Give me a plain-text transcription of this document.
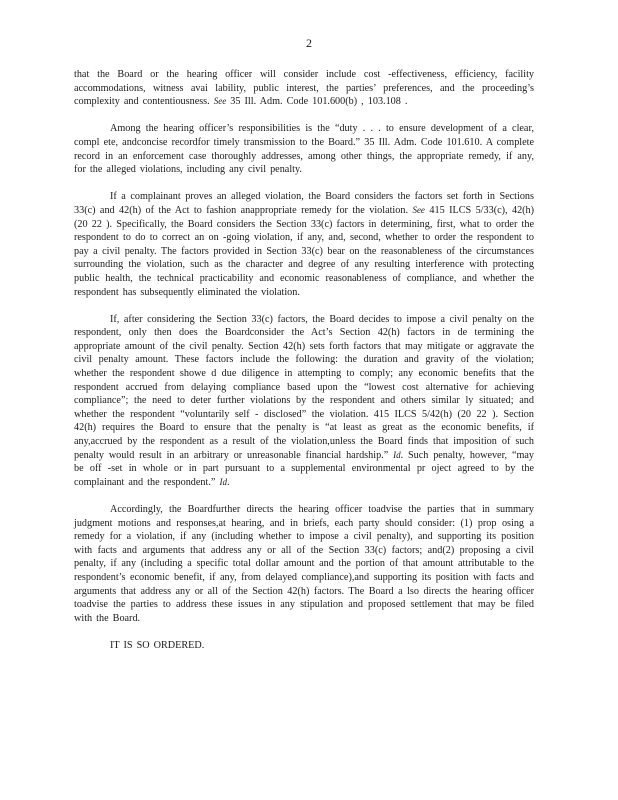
2

that the Board or the hearing officer will consider include cost -effectiveness, efficiency, facility accommodations, witness avai lability, public interest, the parties’ preferences, and the proceeding’s complexity and contentiousness. See 35 Ill. Adm. Code 101.600(b) , 103.108 .

Among the hearing officer’s responsibilities is the “duty . . . to ensure development of a clear, compl ete, andconcise recordfor timely transmission to the Board.” 35 Ill. Adm. Code 101.610. A complete record in an enforcement case thoroughly addresses, among other things, the appropriate remedy, if any, for the alleged violations, including any civil penalty.

If a complainant proves an alleged violation, the Board considers the factors set forth in Sections 33(c) and 42(h) of the Act to fashion anappropriate remedy for the violation. See 415 ILCS 5/33(c), 42(h) (20 22 ). Specifically, the Board considers the Section 33(c) factors in determining, first, what to order the respondent to do to correct an on -going violation, if any, and, second, whether to order the respondent to pay a civil penalty. The factors provided in Section 33(c) bear on the reasonableness of the circumstances surrounding the violation, such as the character and degree of any resulting interference with protecting public health, the technical practicability and economic reasonableness of compliance, and whether the respondent has subsequently eliminated the violation.

If, after considering the Section 33(c) factors, the Board decides to impose a civil penalty on the respondent, only then does the Boardconsider the Act’s Section 42(h) factors in de termining the appropriate amount of the civil penalty. Section 42(h) sets forth factors that may mitigate or aggravate the civil penalty amount. These factors include the following: the duration and gravity of the violation; whether the respondent showe d due diligence in attempting to comply; any economic benefits that the respondent accrued from delaying compliance based upon the “lowest cost alternative for achieving compliance”; the need to deter further violations by the respondent and others similar ly situated; and whether the respondent “voluntarily self - disclosed” the violation. 415 ILCS 5/42(h) (20 22 ). Section 42(h) requires the Board to ensure that the penalty is “at least as great as the economic benefits, if any,accrued by the respondent as a result of the violation,unless the Board finds that imposition of such penalty would result in an arbitrary or unreasonable financial hardship.” Id. Such penalty, however, “may be off -set in whole or in part pursuant to a supplemental environmental pr oject agreed to by the complainant and the respondent.” Id.

Accordingly, the Boardfurther directs the hearing officer toadvise the parties that in summary judgment motions and responses,at hearing, and in briefs, each party should consider: (1) prop osing a remedy for a violation, if any (including whether to impose a civil penalty), and supporting its position with facts and arguments that address any or all of the Section 33(c) factors; and(2) proposing a civil penalty, if any (including a specific total dollar amount and the portion of that amount attributable to the respondent’s economic benefit, if any, from delayed compliance),and supporting its position with facts and arguments that address any or all of the Section 42(h) factors. The Board a lso directs the hearing officer toadvise the parties to address these issues in any stipulation and proposed settlement that may be filed with the Board.

IT IS SO ORDERED.
